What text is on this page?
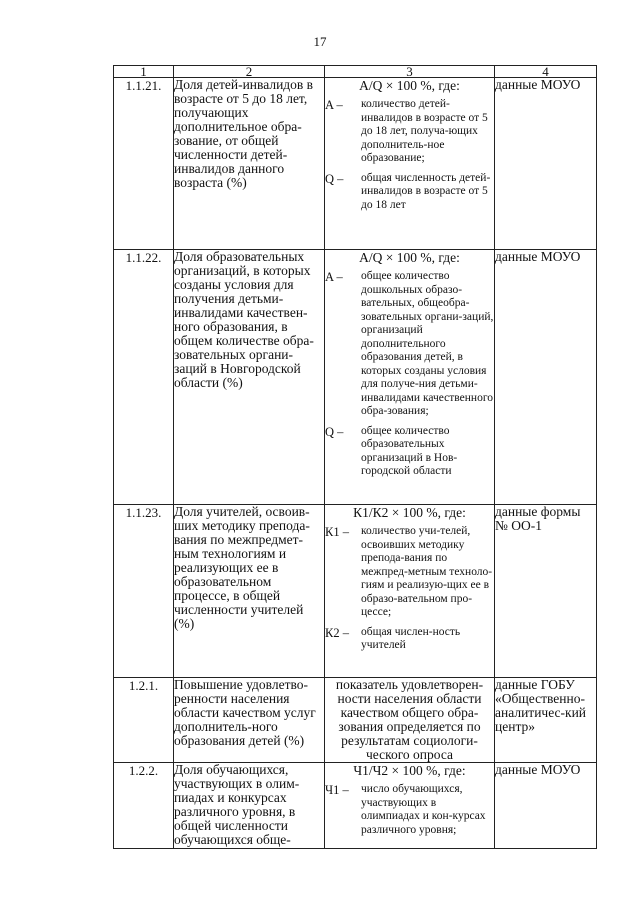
17
1	2	3	4
1.1.21.	Доля детей-инвалидов в возрасте от 5 до 18 лет, получающих дополнительное обра-зование, от общей численности детей-инвалидов данного возраста (%)	A/Q × 100 %, где:
A – количество детей-инвалидов в возрасте от 5 до 18 лет, получа-ющих дополнитель-ное образование;
Q – общая численность детей-инвалидов в возрасте от 5 до 18 лет	данные МОУО
1.1.22.	Доля образовательных организаций, в которых созданы условия для получения детьми-инвалидами качествен-ного образования, в общем количестве обра-зовательных органи-заций в Новгородской области (%)	A/Q × 100 %, где:
A – общее количество дошкольных образо-вательных, общеобра-зовательных органи-заций, организаций дополнительного образования детей, в которых созданы условия для получе-ния детьми-инвалидами качественного обра-зования;
Q – общее количество образовательных организаций в Нов-городской области	данные МОУО
1.1.23.	Доля учителей, освоив-ших методику препода-вания по межпредмет-ным технологиям и реализующих ее в образовательном процессе, в общей численности учителей (%)	К1/К2 × 100 %, где:
К1 – количество учи-телей, освоивших методику препода-вания по межпред-метным техноло-гиям и реализую-щих ее в образо-вательном про-цессе;
К2 – общая числен-ность учителей	данные формы № ОО-1
1.2.1.	Повышение удовлетво-ренности населения области качеством услуг дополнитель-ного образования детей (%)	показатель удовлетворен-ности населения области качеством общего обра-зования определяется по результатам социологи-ческого опроса	данные ГОБУ «Общественно-аналитичес-кий центр»
1.2.2.	Доля обучающихся, участвующих в олим-пиадах и конкурсах различного уровня, в общей численности обучающихся обще-	Ч1/Ч2 × 100 %, где:
Ч1 – число обучающихся, участвующих в олимпиадах и кон-курсах различного уровня;	данные МОУО
